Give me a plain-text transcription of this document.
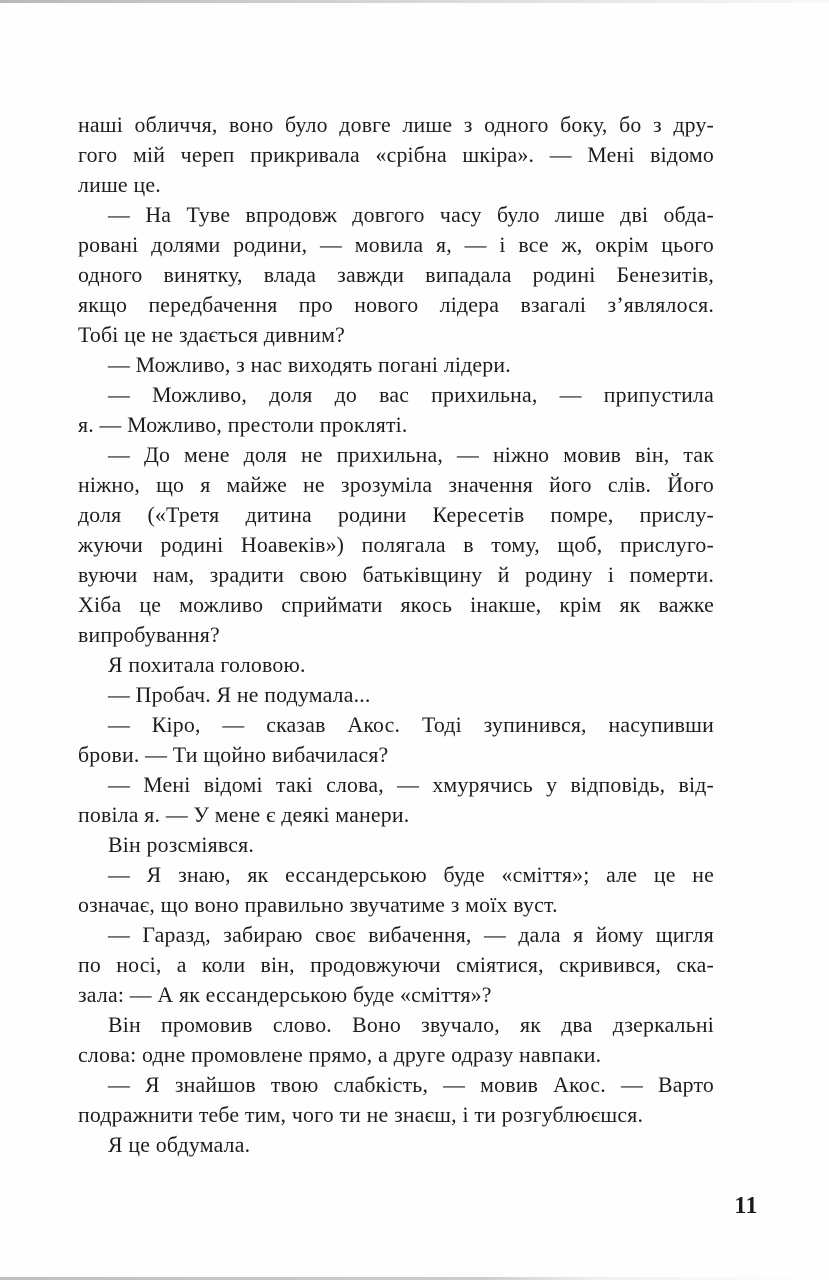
наші обличчя, воно було довге лише з одного боку, бо з дру-
гого мій череп прикривала «срібна шкіра». — Мені відомо
лише це.

— На Туве впродовж довгого часу було лише дві обда-
ровані долями родини, — мовила я, — і все ж, окрім цього
одного винятку, влада завжди випадала родині Бенезитів,
якщо передбачення про нового лідера взагалі з’являлося.
Тобі це не здається дивним?

— Можливо, з нас виходять погані лідери.

— Можливо, доля до вас прихильна, — припустила
я. — Можливо, престоли прокляті.

— До мене доля не прихильна, — ніжно мовив він, так
ніжно, що я майже не зрозуміла значення його слів. Його
доля («Третя дитина родини Кересетів помре, прислу-
жуючи родині Ноавеків») полягала в тому, щоб, прислуго-
вуючи нам, зрадити свою батьківщину й родину і померти.
Хіба це можливо сприймати якось інакше, крім як важке
випробування?

Я похитала головою.

— Пробач. Я не подумала...

— Кіро, — сказав Акос. Тоді зупинився, насупивши
брови. — Ти щойно вибачилася?

— Мені відомі такі слова, — хмурячись у відповідь, від-
повіла я. — У мене є деякі манери.

Він розсміявся.

— Я знаю, як ессандерською буде «сміття»; але це не
означає, що воно правильно звучатиме з моїх вуст.

— Гаразд, забираю своє вибачення, — дала я йому щигля
по носі, а коли він, продовжуючи сміятися, скривився, ска-
зала: — А як ессандерською буде «сміття»?

Він промовив слово. Воно звучало, як два дзеркальні
слова: одне промовлене прямо, а друге одразу навпаки.

— Я знайшов твою слабкість, — мовив Акос. — Варто
подражнити тебе тим, чого ти не знаєш, і ти розгублюєшся.

Я це обдумала.

11
